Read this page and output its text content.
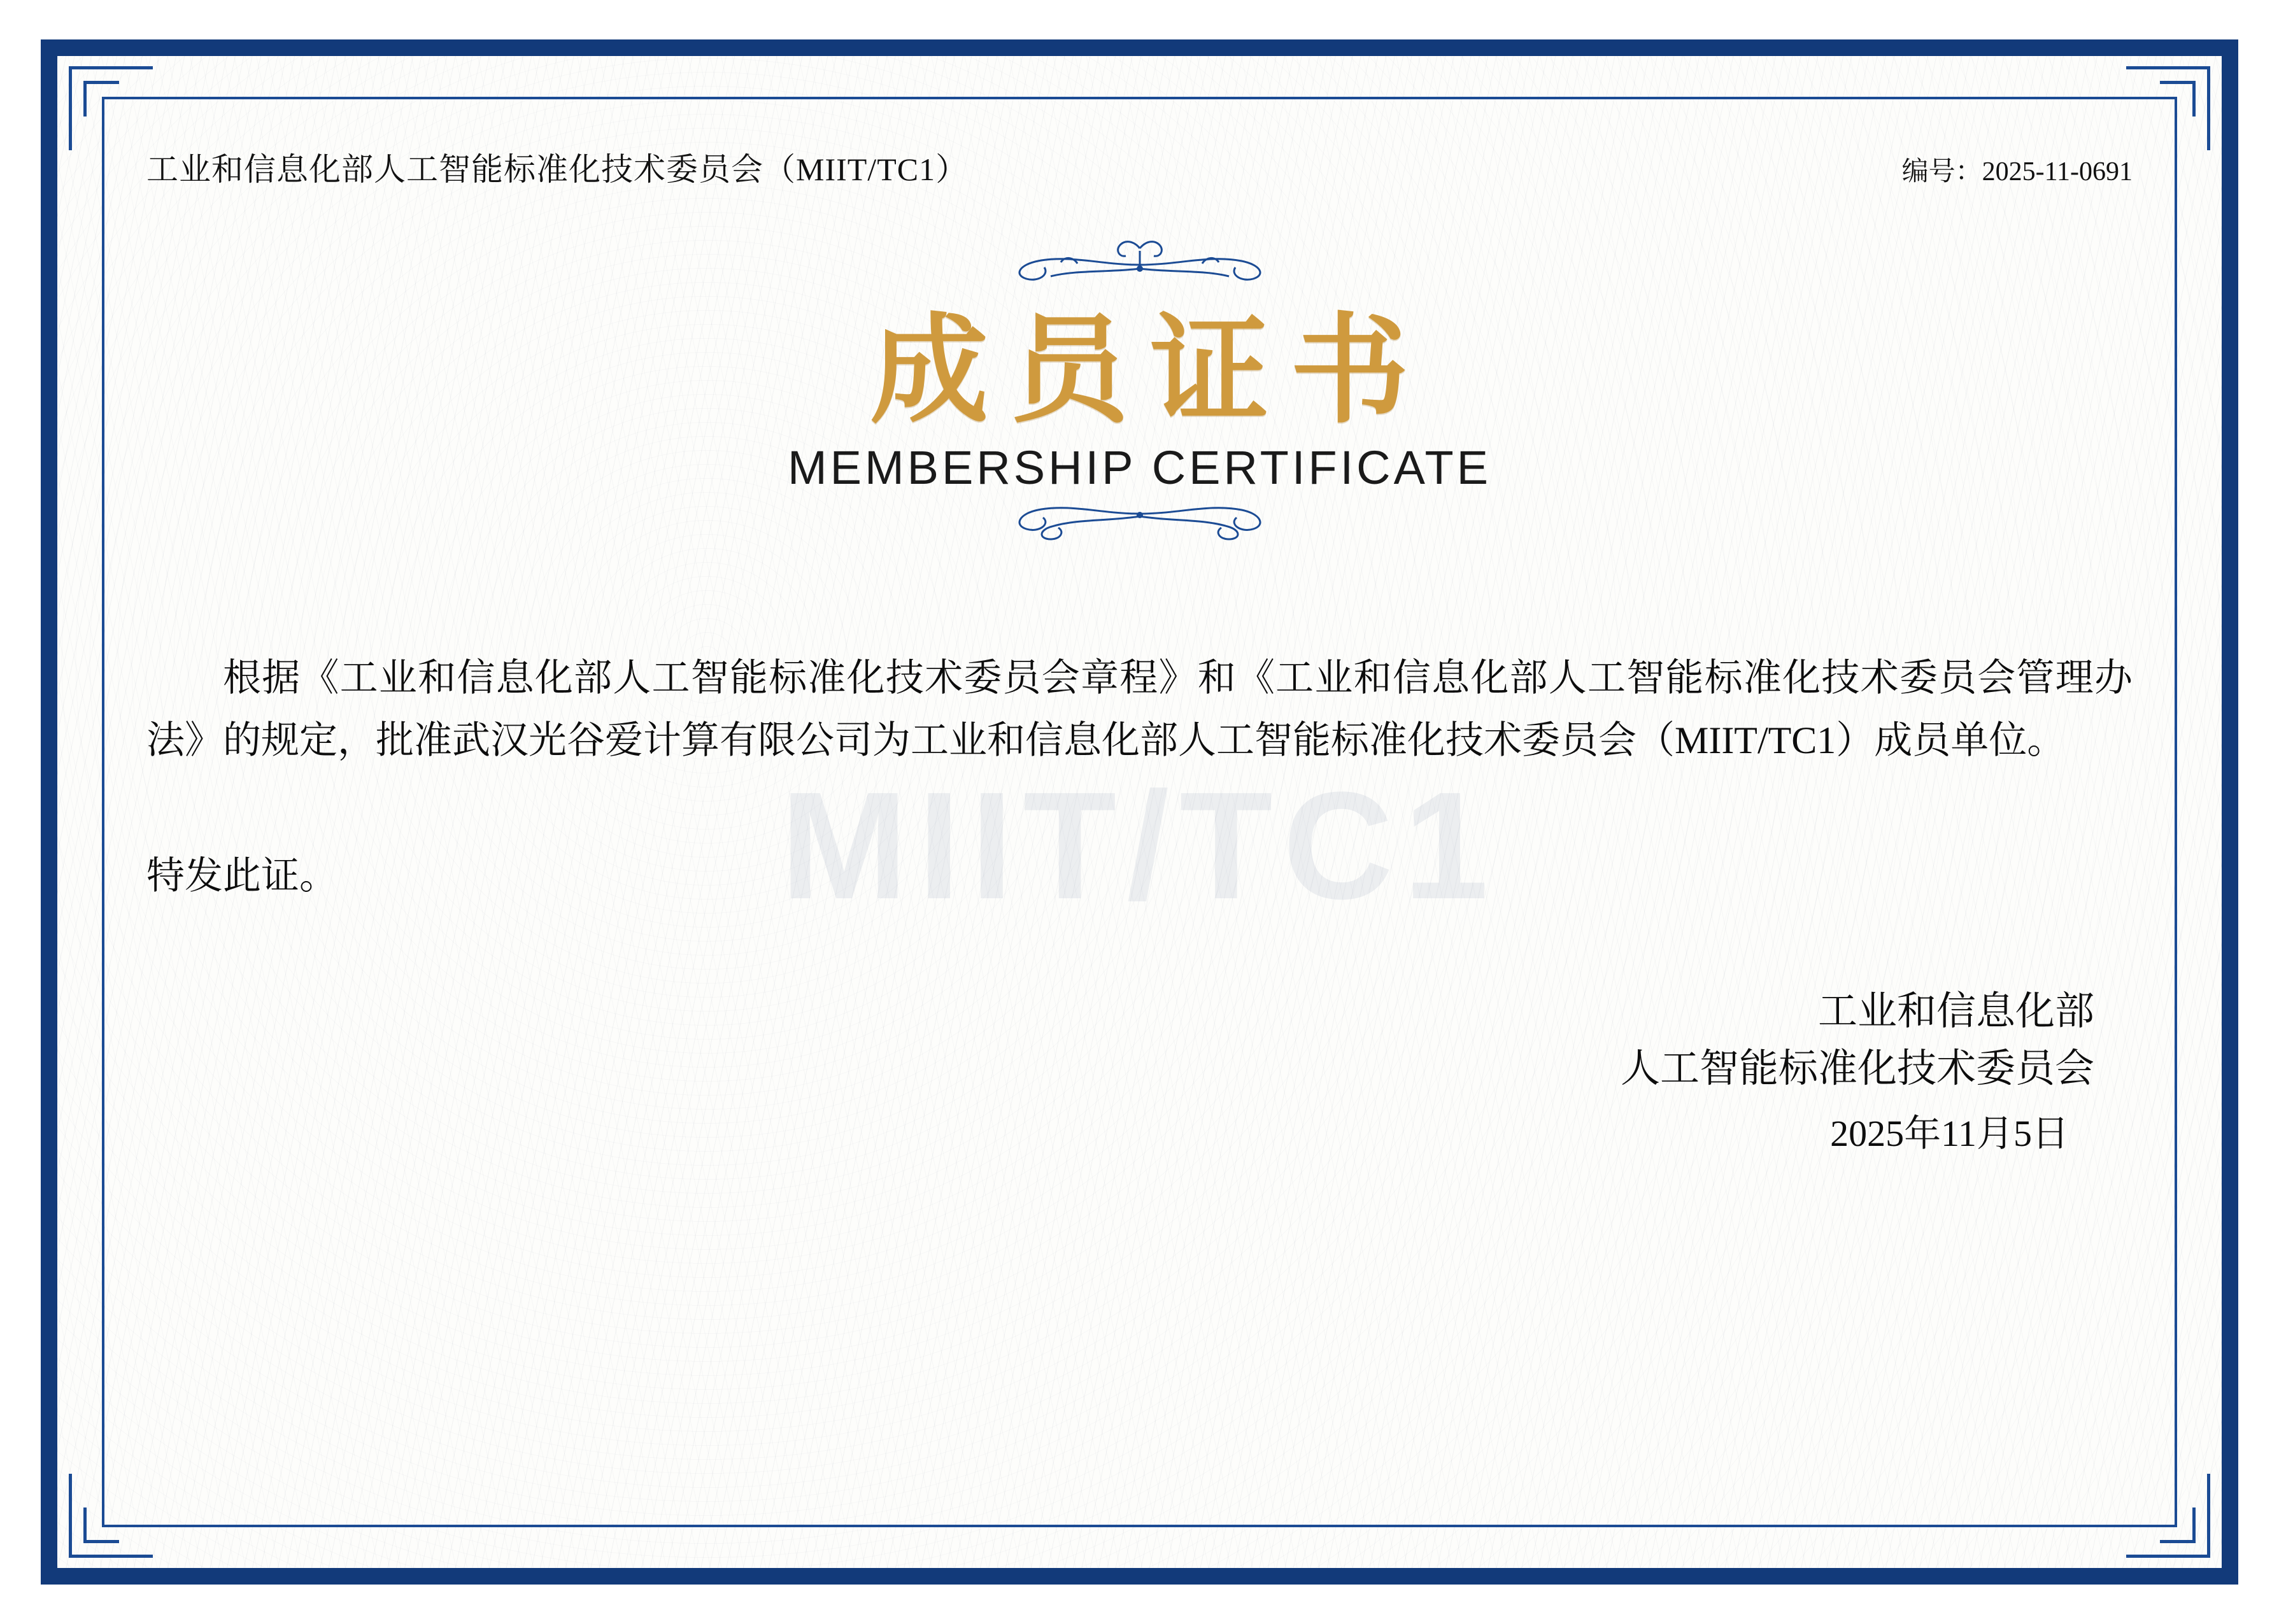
工业和信息化部人工智能标准化技术委员会（MIIT/TC1）	编号：2025-11-0691
成员证书
MEMBERSHIP CERTIFICATE
MIIT/TC1
根据《工业和信息化部人工智能标准化技术委员会章程》和《工业和信息化部人工智能标准化技术委员会管理办法》的规定，批准武汉光谷爱计算有限公司为工业和信息化部人工智能标准化技术委员会（MIIT/TC1）成员单位。
特发此证。
工业和信息化部
人工智能标准化技术委员会
2025年11月5日
